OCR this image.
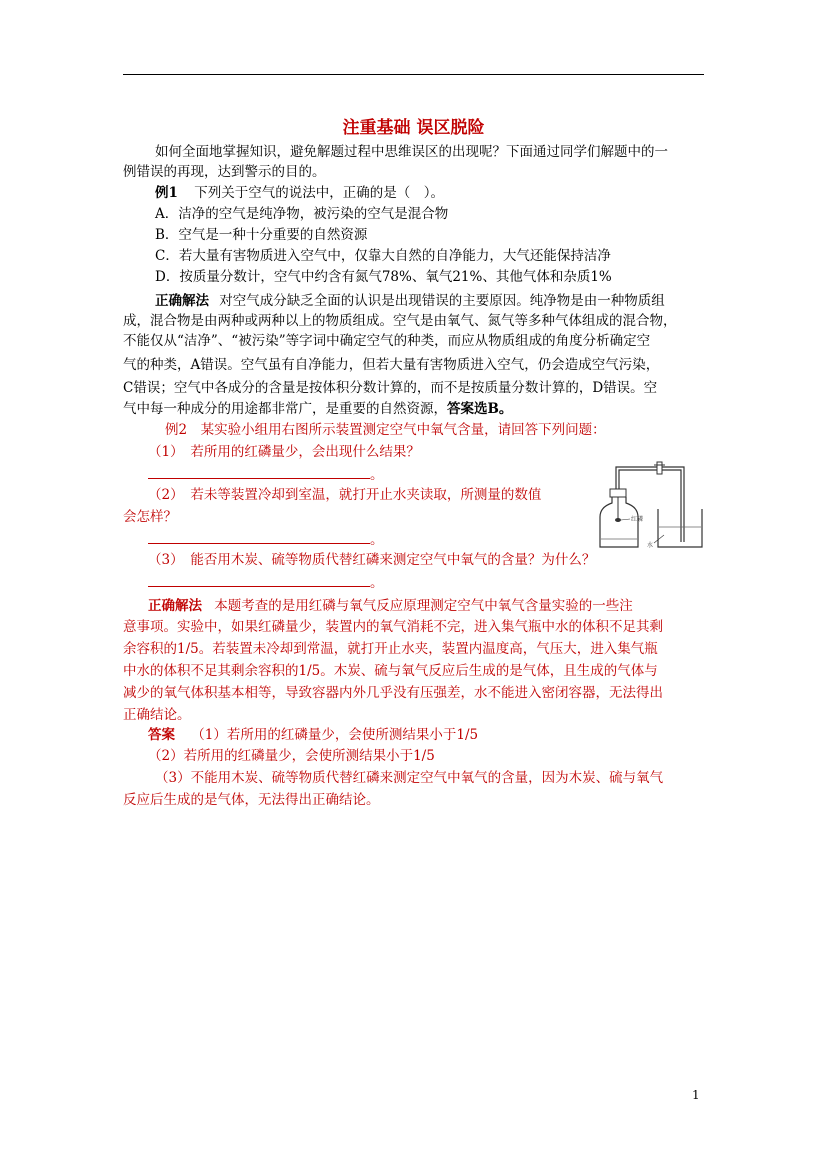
注重基础 误区脱险
如何全面地掌握知识，避免解题过程中思维误区的出现呢？下面通过同学们解题中的一
例错误的再现，达到警示的目的。
例1 下列关于空气的说法中，正确的是（　）。
A．洁净的空气是纯净物，被污染的空气是混合物
B．空气是一种十分重要的自然资源
C．若大量有害物质进入空气中，仅靠大自然的自净能力，大气还能保持洁净
D．按质量分数计，空气中约含有氮气78%、氧气21%、其他气体和杂质1%
正确解法 对空气成分缺乏全面的认识是出现错误的主要原因。纯净物是由一种物质组
成，混合物是由两种或两种以上的物质组成。空气是由氧气、氮气等多种气体组成的混合物，
不能仅从“洁净”、“被污染”等字词中确定空气的种类，而应从物质组成的角度分析确定空
气的种类，A错误。空气虽有自净能力，但若大量有害物质进入空气，仍会造成空气污染，
C错误；空气中各成分的含量是按体积分数计算的，而不是按质量分数计算的，D错误。空
气中每一种成分的用途都非常广，是重要的自然资源，答案选B。
例2　某实验小组用右图所示装置测定空气中氧气含量，请回答下列问题：
（1）　若所用的红磷量少，会出现什么结果？
。
（2）　若未等装置冷却到室温，就打开止水夹读取，所测量的数值
会怎样？
。
（3）　能否用木炭、硫等物质代替红磷来测定空气中氧气的含量？为什么？
。
红磷
水
正确解法 本题考查的是用红磷与氧气反应原理测定空气中氧气含量实验的一些注
意事项。实验中，如果红磷量少，装置内的氧气消耗不完，进入集气瓶中水的体积不足其剩
余容积的1/5。若装置未冷却到常温，就打开止水夹，装置内温度高，气压大，进入集气瓶
中水的体积不足其剩余容积的1/5。木炭、硫与氧气反应后生成的是气体，且生成的气体与
减少的氧气体积基本相等，导致容器内外几乎没有压强差，水不能进入密闭容器，无法得出
正确结论。
答案 （1）若所用的红磷量少，会使所测结果小于1/5
（2）若所用的红磷量少，会使所测结果小于1/5
（3）不能用木炭、硫等物质代替红磷来测定空气中氧气的含量，因为木炭、硫与氧气
反应后生成的是气体，无法得出正确结论。
1
